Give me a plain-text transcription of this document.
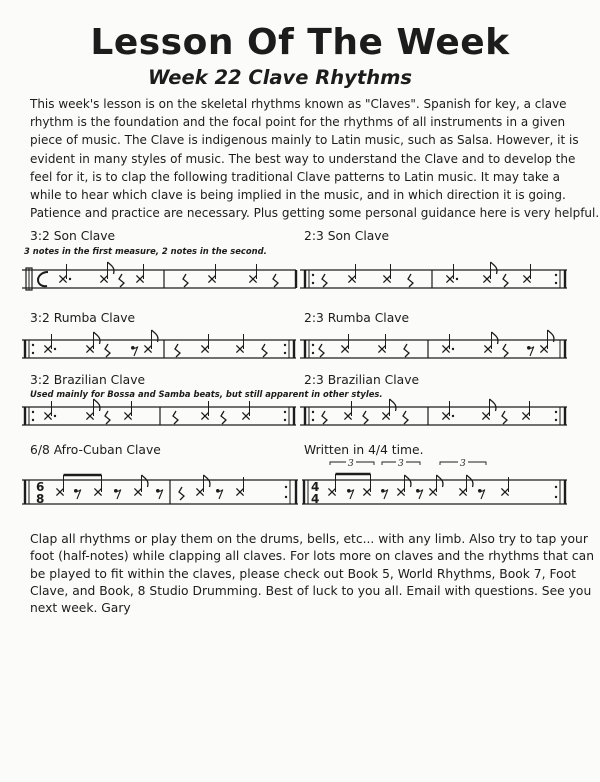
Lesson Of The Week
Week 22 Clave Rhythms
This week's lesson is on the skeletal rhythms known as "Claves". Spanish for key, a clave
rhythm is the foundation and the focal point for the rhythms of all instruments in a given
piece of music. The Clave is indigenous mainly to Latin music, such as Salsa. However, it is
evident in many styles of music. The best way to understand the Clave and to develop the
feel for it, is to clap the following traditional Clave patterns to Latin music. It may take a
while to hear which clave is being implied in the music, and in which direction it is going.
Patience and practice are necessary. Plus getting some personal guidance here is very helpful.
3:2 Son Clave
3 notes in the first measure, 2 notes in the second.
2:3 Son Clave
3:2 Rumba Clave	2:3 Rumba Clave
3:2 Brazilian Clave
Used mainly for Bossa and Samba beats, but still apparent in other styles.
2:3 Brazilian Clave
6/8 Afro-Cuban Clave	Written in 4/4 time.
6
8
4
4
3	3	3
Clap all rhythms or play them on the drums, bells, etc... with any limb. Also try to tap your
foot (half-notes) while clapping all claves. For lots more on claves and the rhythms that can
be played to fit within the claves, please check out Book 5, World Rhythms, Book 7, Foot
Clave, and Book, 8 Studio Drumming. Best of luck to you all. Email with questions. See you
next week. Gary
